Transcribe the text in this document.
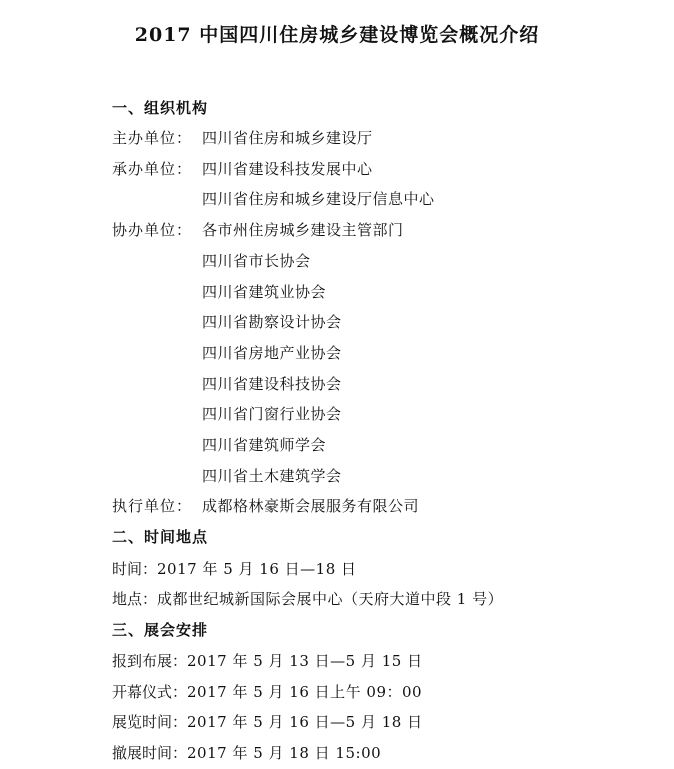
2017 中国四川住房城乡建设博览会概况介绍
一、组织机构
主办单位： 四川省住房和城乡建设厅
承办单位： 四川省建设科技发展中心
四川省住房和城乡建设厅信息中心
协办单位： 各市州住房城乡建设主管部门
四川省市长协会
四川省建筑业协会
四川省勘察设计协会
四川省房地产业协会
四川省建设科技协会
四川省门窗行业协会
四川省建筑师学会
四川省土木建筑学会
执行单位： 成都格林豪斯会展服务有限公司
二、时间地点
时间：2017 年 5 月 16 日—18 日
地点：成都世纪城新国际会展中心（天府大道中段 1 号）
三、展会安排
报到布展：2017 年 5 月 13 日—5 月 15 日
开幕仪式：2017 年 5 月 16 日上午 09：00
展览时间：2017 年 5 月 16 日—5 月 18 日
撤展时间：2017 年 5 月 18 日 15:00
